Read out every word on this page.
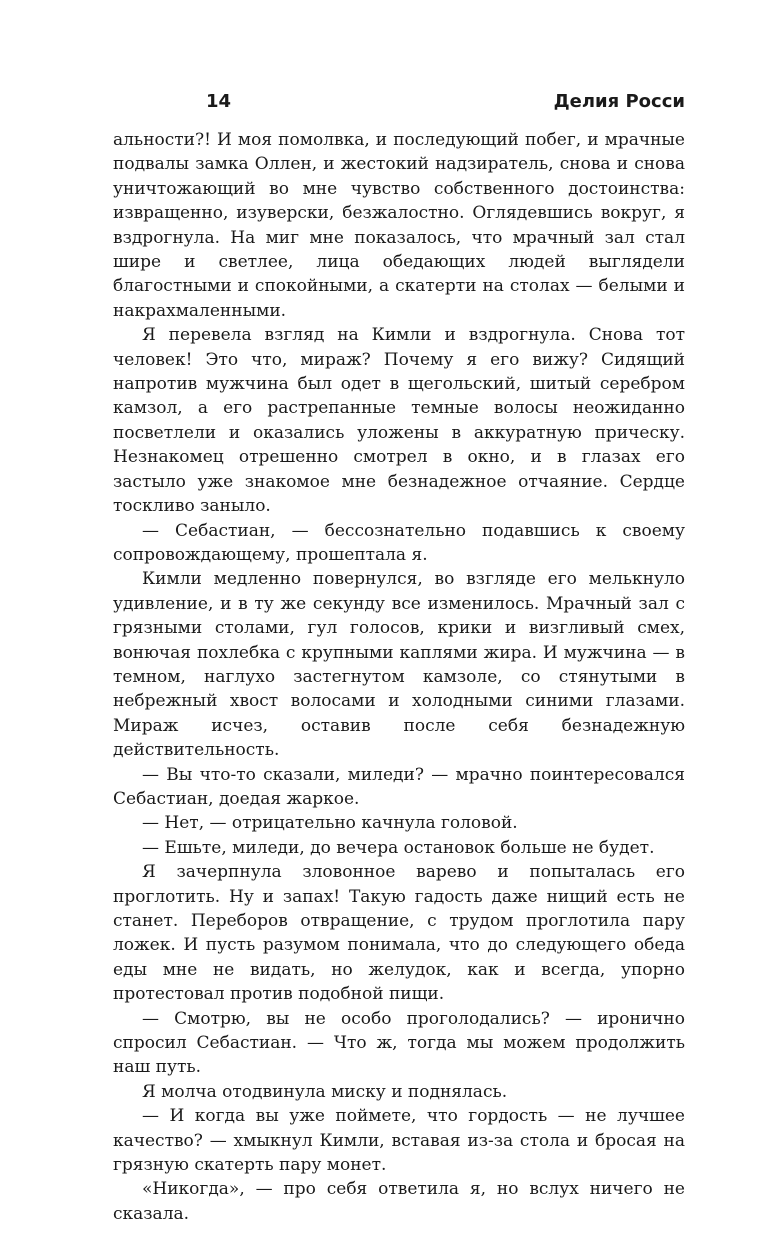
14	Делия Росси

альности?! И моя помолвка, и последующий побег, и мрачные подвалы замка Оллен, и жестокий надзиратель, снова и снова уничтожающий во мне чувство собственного достоинства: извращенно, изуверски, безжалостно. Оглядевшись вокруг, я вздрогнула. На миг мне показалось, что мрачный зал стал шире и светлее, лица обедающих людей выглядели благостными и спокойными, а скатерти на столах — белыми и накрахмаленными.

Я перевела взгляд на Кимли и вздрогнула. Снова тот человек! Это что, мираж? Почему я его вижу? Сидящий напротив мужчина был одет в щегольский, шитый серебром камзол, а его растрепанные темные волосы неожиданно посветлели и оказались уложены в аккуратную прическу. Незнакомец отрешенно смотрел в окно, и в глазах его застыло уже знакомое мне безнадежное отчаяние. Сердце тоскливо заныло.

— Себастиан, — бессознательно подавшись к своему сопровождающему, прошептала я.

Кимли медленно повернулся, во взгляде его мелькнуло удивление, и в ту же секунду все изменилось. Мрачный зал с грязными столами, гул голосов, крики и визгливый смех, вонючая похлебка с крупными каплями жира. И мужчина — в темном, наглухо застегнутом камзоле, со стянутыми в небрежный хвост волосами и холодными синими глазами. Мираж исчез, оставив после себя безнадежную действительность.

— Вы что-то сказали, миледи? — мрачно поинтересовался Себастиан, доедая жаркое.

— Нет, — отрицательно качнула головой.

— Ешьте, миледи, до вечера остановок больше не будет.

Я зачерпнула зловонное варево и попыталась его проглотить. Ну и запах! Такую гадость даже нищий есть не станет. Переборов отвращение, с трудом проглотила пару ложек. И пусть разумом понимала, что до следующего обеда еды мне не видать, но желудок, как и всегда, упорно протестовал против подобной пищи.

— Смотрю, вы не особо проголодались? — иронично спросил Себастиан. — Что ж, тогда мы можем продолжить наш путь.

Я молча отодвинула миску и поднялась.

— И когда вы уже поймете, что гордость — не лучшее качество? — хмыкнул Кимли, вставая из-за стола и бросая на грязную скатерть пару монет.

«Никогда», — про себя ответила я, но вслух ничего не сказала.
